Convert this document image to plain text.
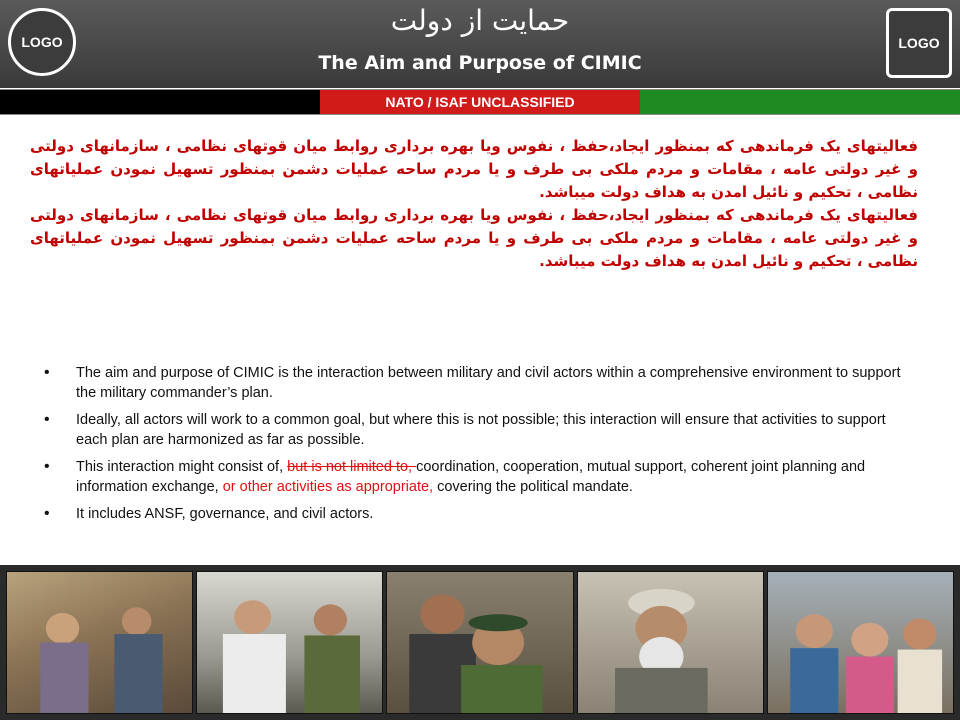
LOGO
حمایت از دولت
The Aim and Purpose of CIMIC
LOGO
NATO / ISAF UNCLASSIFIED

فعالیتهای یک فرماندهی که بمنظور ایجاد،حفظ ، نفوس ویا بهره برداری روابط میان قوتهای نظامی ، سازمانهای دولتی و غیر دولتی عامه ، مقامات و مردم ملکی بی طرف و یا مردم ساحه عملیات دشمن بمنظور تسهیل نمودن عملیاتهای نظامی ، تحکیم و نائیل امدن به هداف دولت میباشد.

فعالیتهای یک فرماندهی که بمنظور ایجاد،حفظ ، نفوس ویا بهره برداری روابط میان قوتهای نظامی ، سازمانهای دولتی و غیر دولتی عامه ، مقامات و مردم ملکی بی طرف و یا مردم ساحه عملیات دشمن بمنظور تسهیل نمودن عملیاتهای نظامی ، تحکیم و نائیل امدن به هداف دولت میباشد.

• The aim and purpose of CIMIC is the interaction between military and civil actors within a comprehensive environment to support the military commander’s plan.
• Ideally, all actors will work to a common goal, but where this is not possible; this interaction will ensure that activities to support each plan are harmonized as far as possible.
• This interaction might consist of, but is not limited to, coordination, cooperation, mutual support, coherent joint planning and information exchange, or other activities as appropriate, covering the political mandate.
• It includes ANSF, governance, and civil actors.
